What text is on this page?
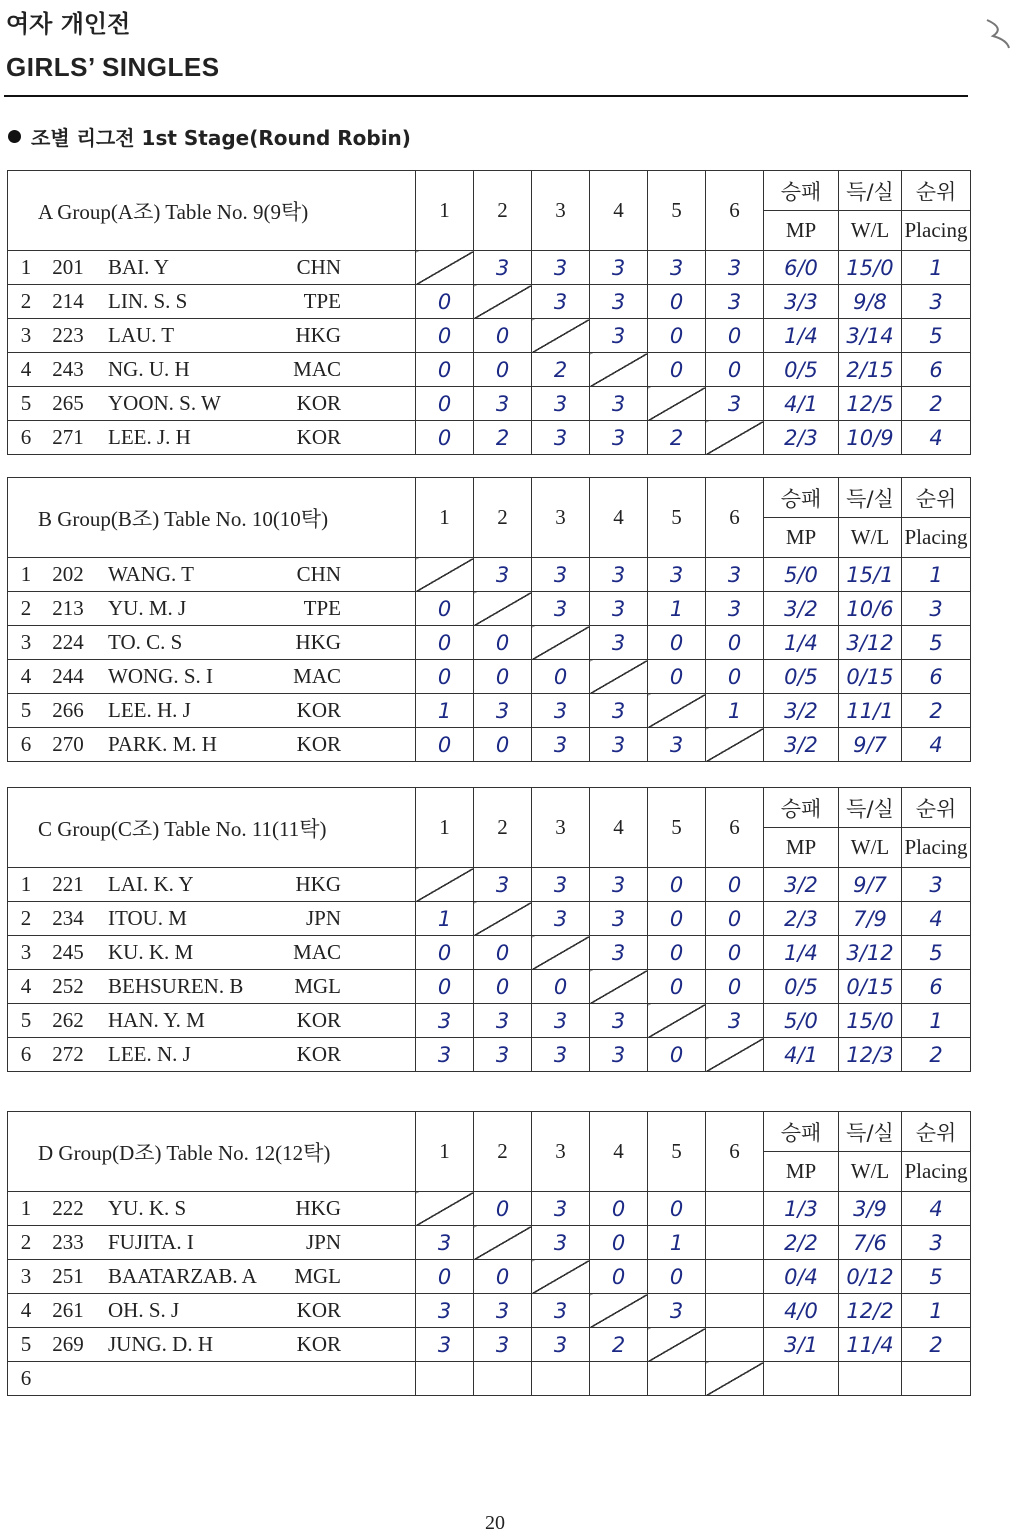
여자 개인전
GIRLS’ SINGLES
조별 리그전 1st Stage(Round Robin)
A Group(A조) Table No. 9(9탁)	1	2	3	4	5	6	승패	득/실	순위
							MP	W/L	Placing
1 201 BAI. Y CHN		3	3	3	3	3	6/0	15/0	1
2 214 LIN. S. S TPE	0		3	3	0	3	3/3	9/8	3
3 223 LAU. T HKG	0	0		3	0	0	1/4	3/14	5
4 243 NG. U. H MAC	0	0	2		0	0	0/5	2/15	6
5 265 YOON. S. W KOR	0	3	3	3		3	4/1	12/5	2
6 271 LEE. J. H KOR	0	2	3	3	2		2/3	10/9	4
B Group(B조) Table No. 10(10탁)	1	2	3	4	5	6	승패	득/실	순위
							MP	W/L	Placing
1 202 WANG. T CHN		3	3	3	3	3	5/0	15/1	1
2 213 YU. M. J TPE	0		3	3	1	3	3/2	10/6	3
3 224 TO. C. S HKG	0	0		3	0	0	1/4	3/12	5
4 244 WONG. S. I MAC	0	0	0		0	0	0/5	0/15	6
5 266 LEE. H. J KOR	1	3	3	3		1	3/2	11/1	2
6 270 PARK. M. H KOR	0	0	3	3	3		3/2	9/7	4
C Group(C조) Table No. 11(11탁)	1	2	3	4	5	6	승패	득/실	순위
							MP	W/L	Placing
1 221 LAI. K. Y HKG		3	3	3	0	0	3/2	9/7	3
2 234 ITOU. M JPN	1		3	3	0	0	2/3	7/9	4
3 245 KU. K. M MAC	0	0		3	0	0	1/4	3/12	5
4 252 BEHSUREN. B MGL	0	0	0		0	0	0/5	0/15	6
5 262 HAN. Y. M KOR	3	3	3	3		3	5/0	15/0	1
6 272 LEE. N. J KOR	3	3	3	3	0		4/1	12/3	2
D Group(D조) Table No. 12(12탁)	1	2	3	4	5	6	승패	득/실	순위
							MP	W/L	Placing
1 222 YU. K. S HKG		0	3	0	0		1/3	3/9	4
2 233 FUJITA. I JPN	3		3	0	1		2/2	7/6	3
3 251 BAATARZAB. A MGL	0	0		0	0		0/4	0/12	5
4 261 OH. S. J KOR	3	3	3		3		4/0	12/2	1
5 269 JUNG. D. H KOR	3	3	3	2			3/1	11/4	2
6									
20
